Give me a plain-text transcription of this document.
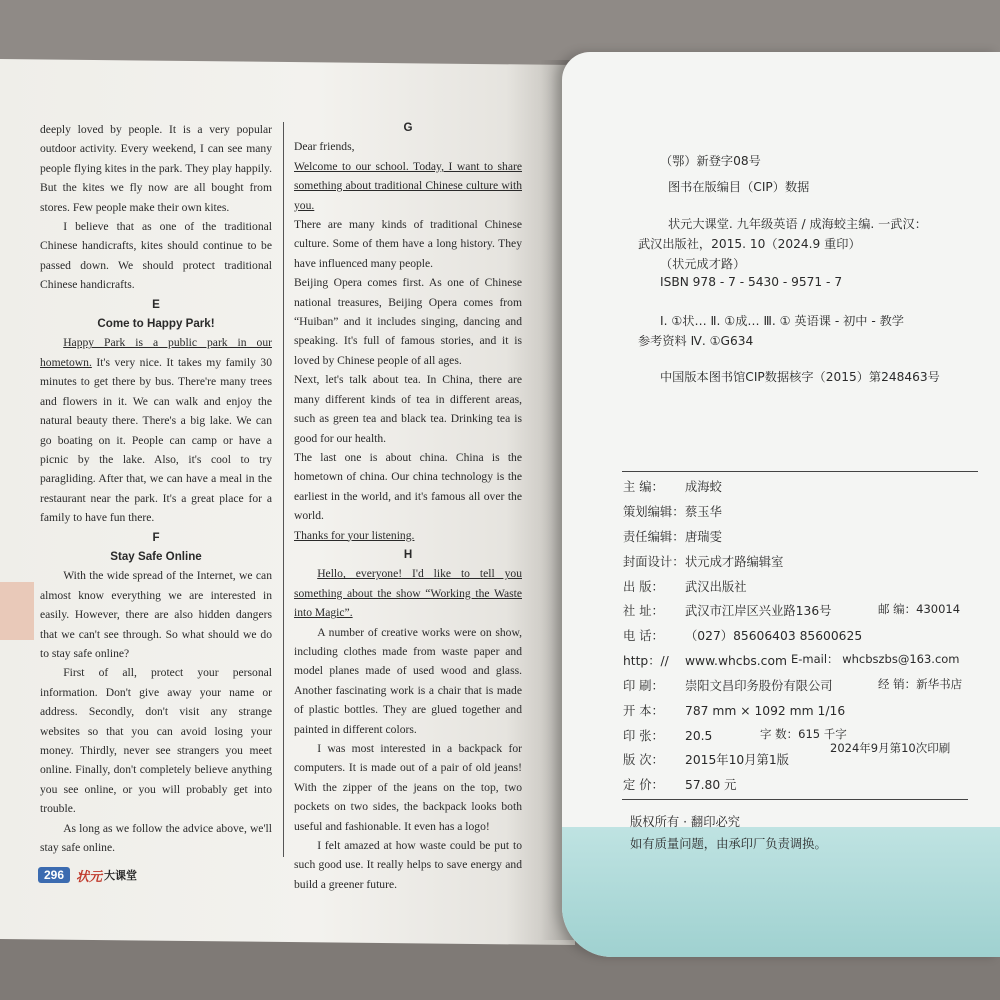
deeply loved by people. It is a very popular outdoor activity. Every weekend, I can see many people flying kites in the park. They play happily. But the kites we fly now are all bought from stores. Few people make their own kites.

I believe that as one of the traditional Chinese handicrafts, kites should continue to be passed down. We should protect traditional Chinese handicrafts.

E

Come to Happy Park!

Happy Park is a public park in our hometown. It's very nice. It takes my family 30 minutes to get there by bus. There're many trees and flowers in it. We can walk and enjoy the natural beauty there. There's a big lake. We can go boating on it. People can camp or have a picnic by the lake. Also, it's cool to try paragliding. After that, we can have a meal in the restaurant near the park. It's a great place for a family to have fun there.

F

Stay Safe Online

With the wide spread of the Internet, we can almost know everything we are interested in easily. However, there are also hidden dangers that we can't see through. So what should we do to stay safe online?

First of all, protect your personal information. Don't give away your name or address. Secondly, don't visit any strange websites so that you can avoid losing your money. Thirdly, never see strangers you meet online. Finally, don't completely believe anything you see online, or you will probably get into trouble.

As long as we follow the advice above, we'll stay safe online.

G

Dear friends,

Welcome to our school. Today, I want to share something about traditional Chinese culture with you.

There are many kinds of traditional Chinese culture. Some of them have a long history. They have influenced many people.

Beijing Opera comes first. As one of Chinese national treasures, Beijing Opera comes from “Huiban” and it includes singing, dancing and speaking. It's full of famous stories, and it is loved by Chinese people of all ages.

Next, let's talk about tea. In China, there are many different kinds of tea in different areas, such as green tea and black tea. Drinking tea is good for our health.

The last one is about china. China is the hometown of china. Our china technology is the earliest in the world, and it's famous all over the world.

Thanks for your listening.

H

Hello, everyone! I'd like to tell you something about the show “Working the Waste into Magic”.

A number of creative works were on show, including clothes made from waste paper and model planes made of used wood and glass. Another fascinating work is a chair that is made of plastic bottles. They are glued together and painted in different colors.

I was most interested in a backpack for computers. It is made out of a pair of old jeans! With the zipper of the jeans on the top, two pockets on two sides, the backpack looks both useful and fashionable. It even has a logo!

I felt amazed at how waste could be put to such good use. It really helps to save energy and build a greener future.

296 状元 大课堂
（鄂）新登字08号
图书在版编目（CIP）数据
状元大课堂. 九年级英语 / 成海蛟主编. 一武汉：
武汉出版社，2015. 10（2024.9 重印）
（状元成才路）
ISBN 978 - 7 - 5430 - 9571 - 7
Ⅰ. ①状… Ⅱ. ①成… Ⅲ. ① 英语课 - 初中 - 教学
参考资料 Ⅳ. ①G634
中国版本图书馆CIP数据核字（2015）第248463号
主 编： 成海蛟
策划编辑：蔡玉华
责任编辑：唐瑞雯
封面设计：状元成才路编辑室
出 版： 武汉出版社
社 址： 武汉市江岸区兴业路136号
电 话： （027）85606403 85600625
http：// www.whcbs.com
印 刷： 崇阳文昌印务股份有限公司
开 本： 787 mm × 1092 mm 1/16
印 张： 20.5
版 次： 2015年10月第1版
定 价： 57.80 元
邮 编：430014
E-mail： whcbszbs@163.com
经 销：新华书店
字 数：615 千字
2024年9月第10次印刷
版权所有 · 翻印必究
如有质量问题，由承印厂负责调换。
